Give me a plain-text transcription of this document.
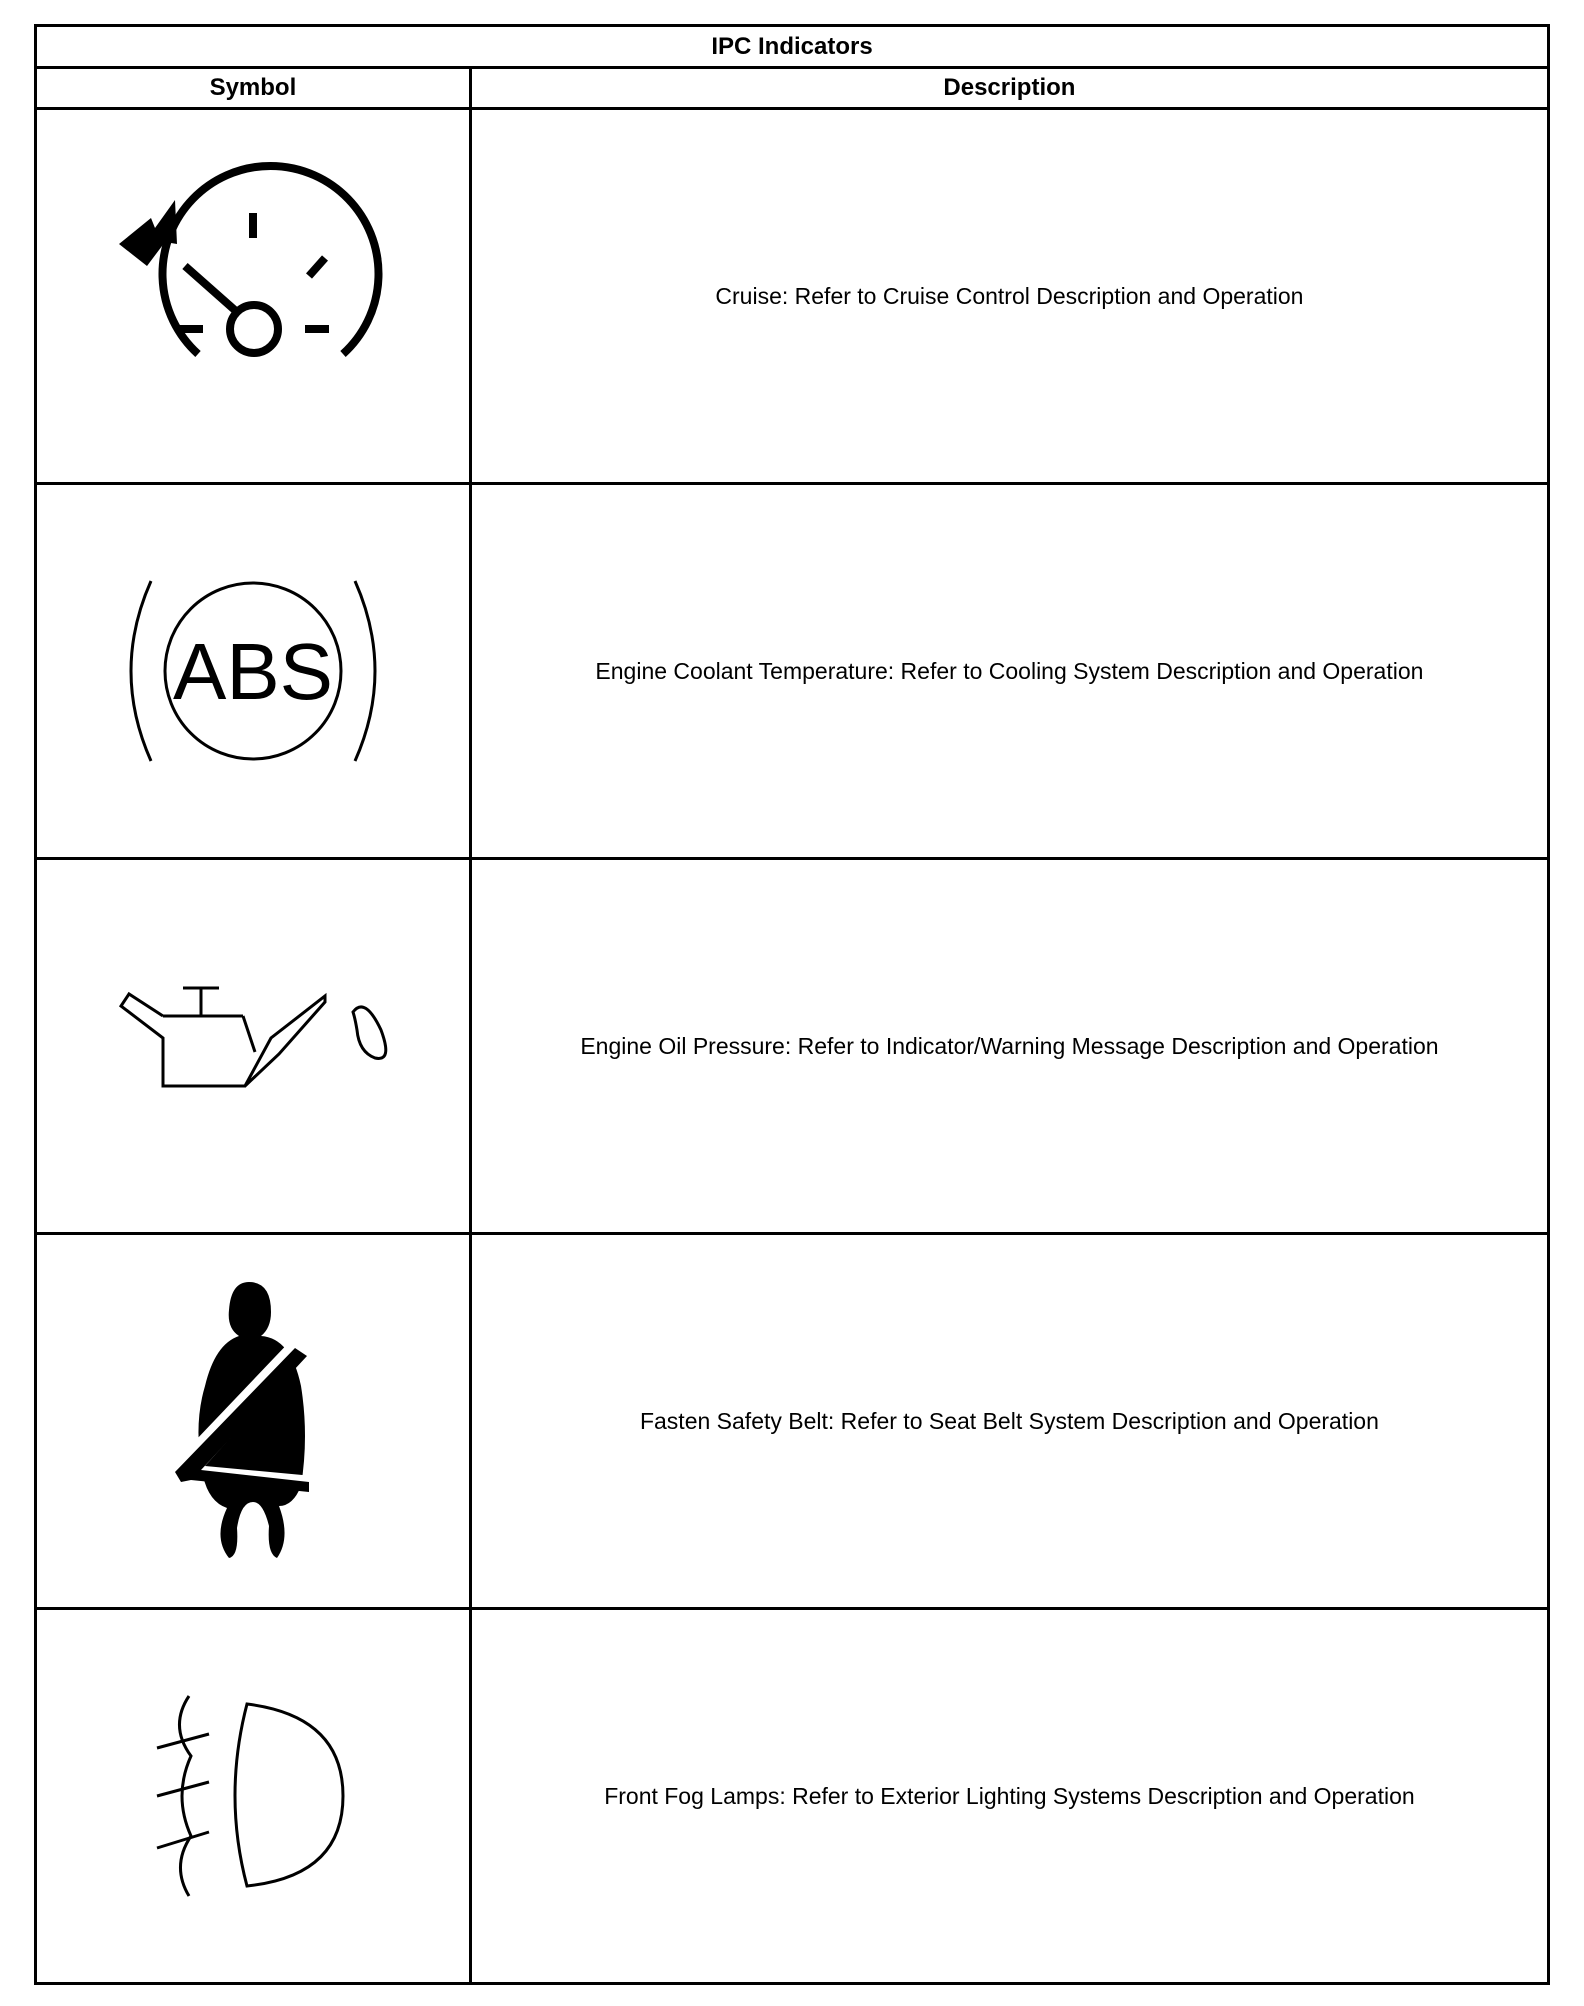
IPC Indicators	
Symbol	Description

	Cruise: Refer to Cruise Control Description and Operation

ABS	Engine Coolant Temperature: Refer to Cooling System Description and Operation

	Engine Oil Pressure: Refer to Indicator/Warning Message Description and Operation

	Fasten Safety Belt: Refer to Seat Belt System Description and Operation

	Front Fog Lamps: Refer to Exterior Lighting Systems Description and Operation
